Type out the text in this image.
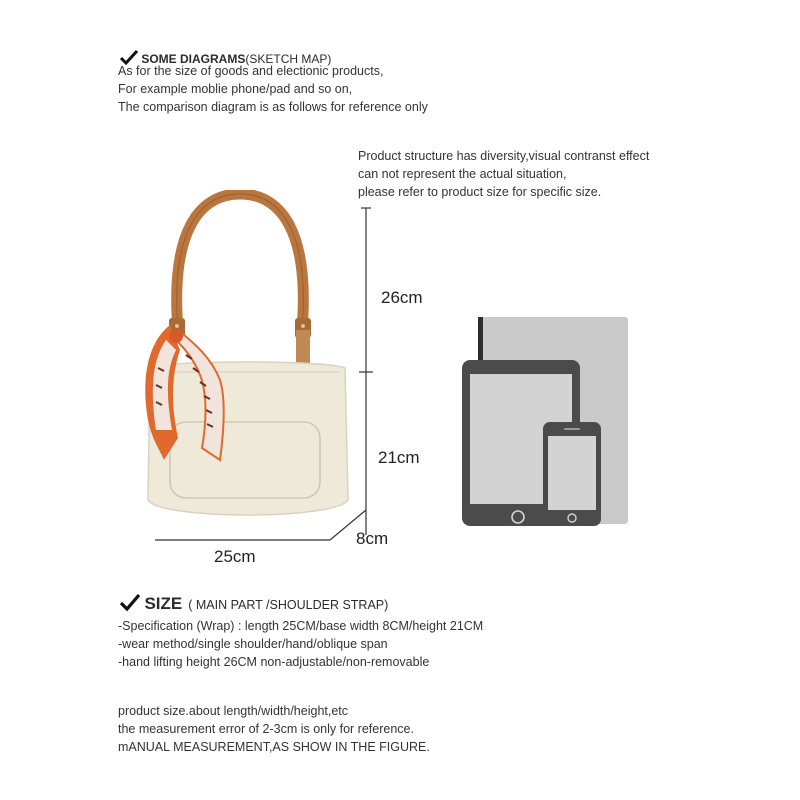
SOME DIAGRAMS(SKETCH MAP)
As for the size of goods and electionic products,
For example moblie phone/pad and so on,
The comparison diagram is as follows for reference only
Product structure has diversity,visual contranst effect
can not represent the actual situation,
please refer to product size for specific size.
26cm
21cm
25cm
8cm
SIZE ( MAIN PART /SHOULDER STRAP)
-Specification (Wrap) : length 25CM/base width 8CM/height 21CM
-wear method/single shoulder/hand/oblique span
-hand lifting height 26CM non-adjustable/non-removable
product size.about length/width/height,etc
the measurement error of 2-3cm is only for reference.
mANUAL MEASUREMENT,AS SHOW IN THE FIGURE.
